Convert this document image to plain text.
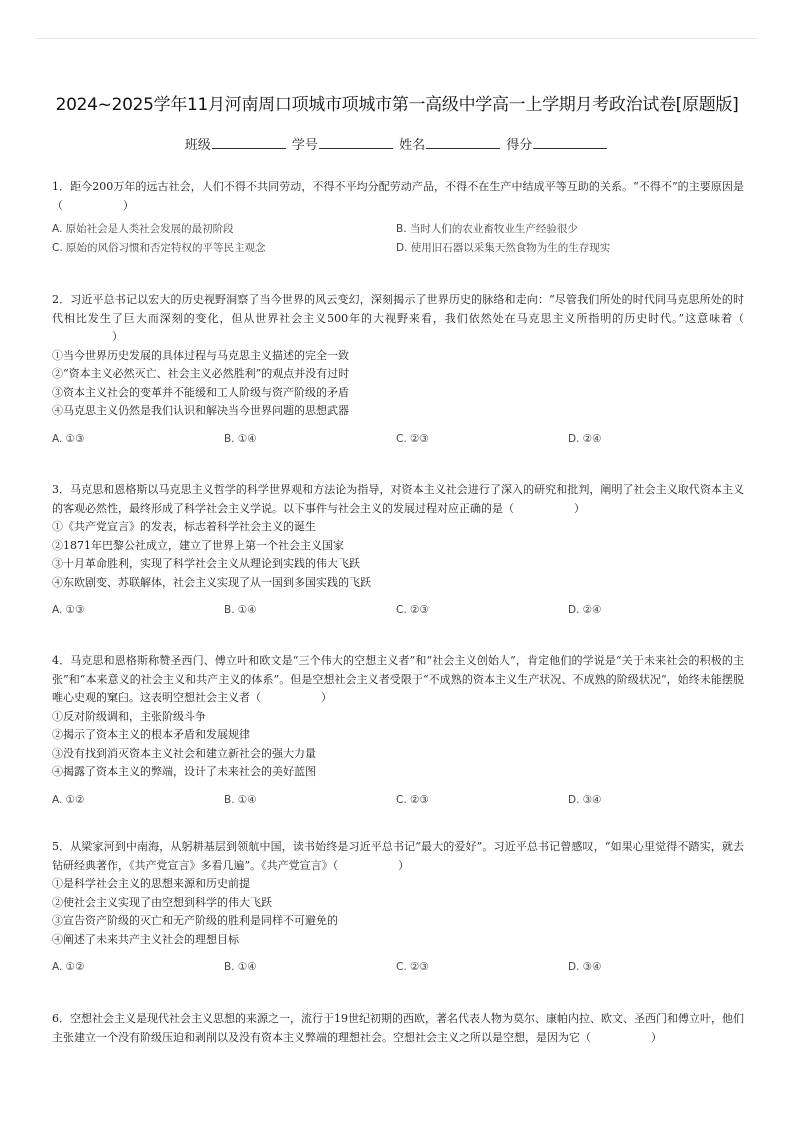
2024~2025学年11月河南周口项城市项城市第一高级中学高一上学期月考政治试卷[原题版]
班级	学号	姓名	得分

1．距今200万年的远古社会，人们不得不共同劳动，不得不平均分配劳动产品，不得不在生产中结成平等互助的关系。“不得不”的主要原因是（	）

A. 原始社会是人类社会发展的最初阶段	B. 当时人们的农业畜牧业生产经验很少
C. 原始的风俗习惯和否定特权的平等民主观念	D. 使用旧石器以采集天然食物为生的生存现实

2．习近平总书记以宏大的历史视野洞察了当今世界的风云变幻，深刻揭示了世界历史的脉络和走向：“尽管我们所处的时代同马克思所处的时代相比发生了巨大而深刻的变化，但从世界社会主义500年的大视野来看，我们依然处在马克思主义所指明的历史时代。”这意味着（）

①当今世界历史发展的具体过程与马克思主义描述的完全一致

②“资本主义必然灭亡、社会主义必然胜利”的观点并没有过时

③资本主义社会的变革并不能缓和工人阶级与资产阶级的矛盾

④马克思主义仍然是我们认识和解决当今世界问题的思想武器

A. ①③	B. ①④	C. ②③	D. ②④

3．马克思和恩格斯以马克思主义哲学的科学世界观和方法论为指导，对资本主义社会进行了深入的研究和批判，阐明了社会主义取代资本主义的客观必然性，最终形成了科学社会主义学说。以下事件与社会主义的发展过程对应正确的是（	）

①《共产党宣言》的发表，标志着科学社会主义的诞生

②1871年巴黎公社成立，建立了世界上第一个社会主义国家

③十月革命胜利，实现了科学社会主义从理论到实践的伟大飞跃

④东欧剧变、苏联解体，社会主义实现了从一国到多国实践的飞跃

A. ①③	B. ①④	C. ②③	D. ②④

4．马克思和恩格斯称赞圣西门、傅立叶和欧文是“三个伟大的空想主义者”和“社会主义创始人”，肯定他们的学说是“关于未来社会的积极的主张”和“本来意义的社会主义和共产主义的体系”。但是空想社会主义者受限于“不成熟的资本主义生产状况、不成熟的阶级状况”，始终未能摆脱唯心史观的窠臼。这表明空想社会主义者（	）

①反对阶级调和，主张阶级斗争

②揭示了资本主义的根本矛盾和发展规律

③没有找到消灭资本主义社会和建立新社会的强大力量

④揭露了资本主义的弊端，设计了未来社会的美好蓝图

A. ①②	B. ①④	C. ②③	D. ③④

5．从梁家河到中南海，从躬耕基层到领航中国，读书始终是习近平总书记“最大的爱好”。习近平总书记曾感叹，“如果心里觉得不踏实，就去钻研经典著作，《共产党宣言》多看几遍”。《共产党宣言》（	）

①是科学社会主义的思想来源和历史前提

②使社会主义实现了由空想到科学的伟大飞跃

③宣告资产阶级的灭亡和无产阶级的胜利是同样不可避免的

④阐述了未来共产主义社会的理想目标

A. ①②	B. ①④	C. ②③	D. ③④

6．空想社会主义是现代社会主义思想的来源之一，流行于19世纪初期的西欧，著名代表人物为莫尔、康帕内拉、欧文、圣西门和傅立叶，他们主张建立一个没有阶级压迫和剥削以及没有资本主义弊端的理想社会。空想社会主义之所以是空想，是因为它（	）
